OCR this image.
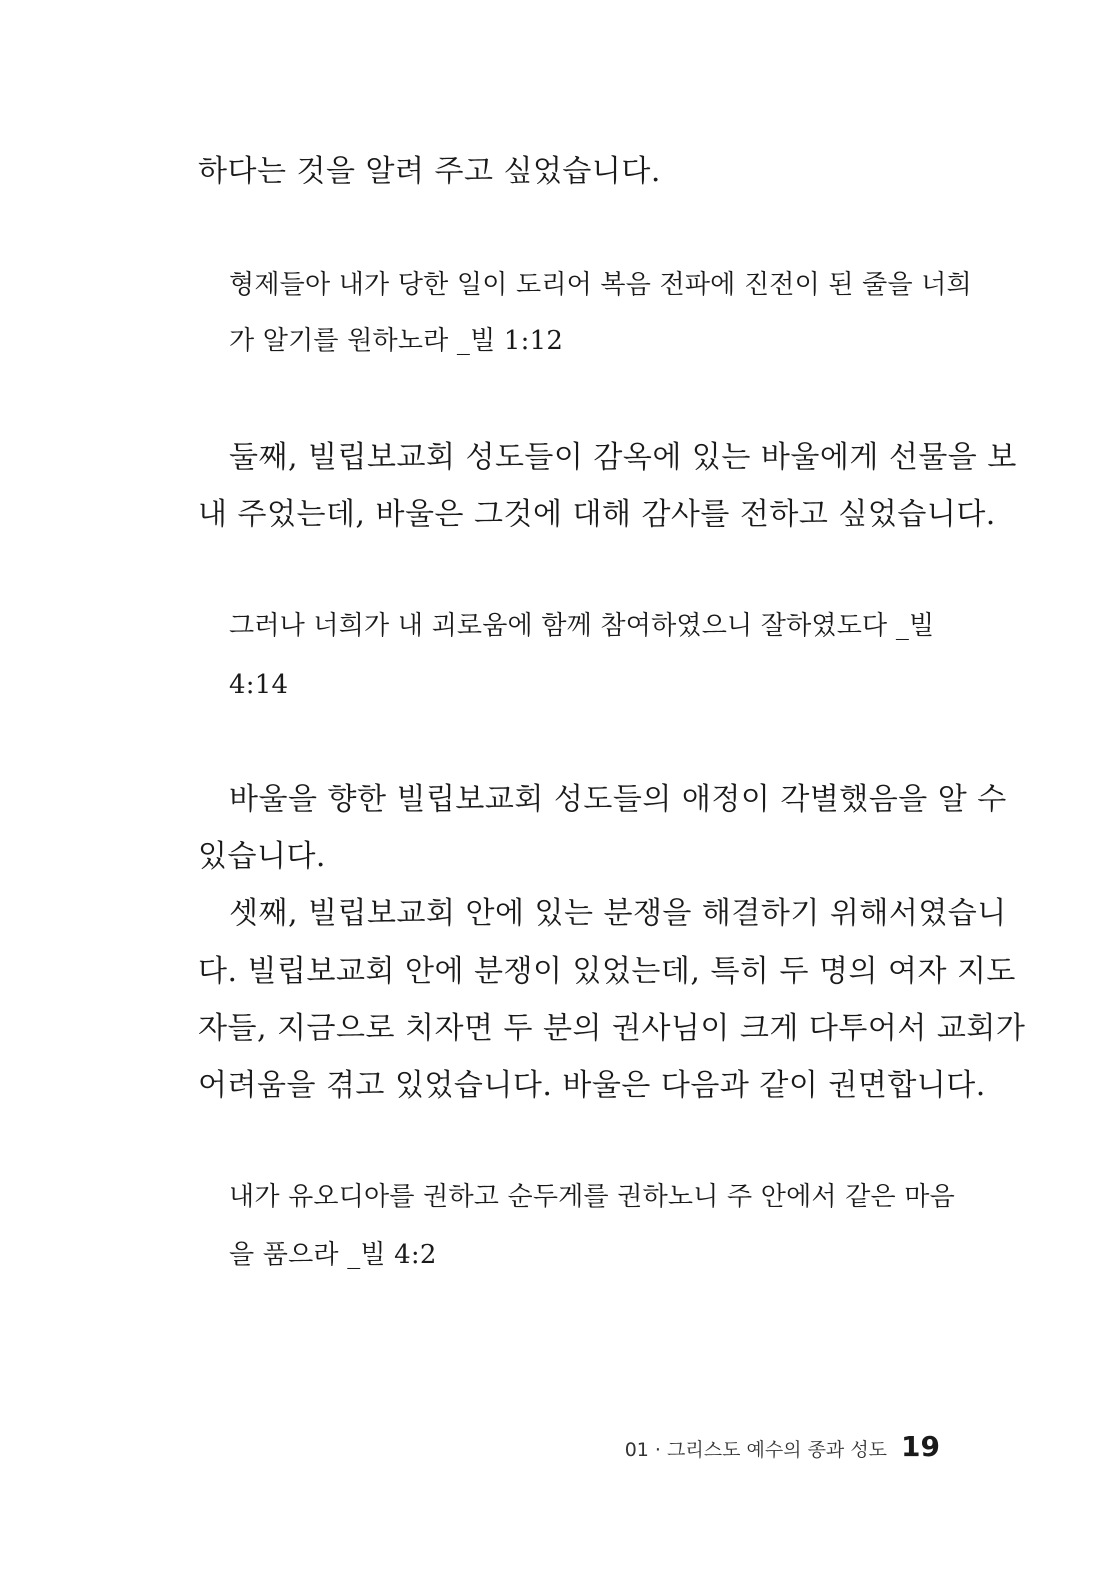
하다는 것을 알려 주고 싶었습니다.

형제들아 내가 당한 일이 도리어 복음 전파에 진전이 된 줄을 너희

가 알기를 원하노라 _빌 1:12

둘째, 빌립보교회 성도들이 감옥에 있는 바울에게 선물을 보

내 주었는데, 바울은 그것에 대해 감사를 전하고 싶었습니다.

그러나 너희가 내 괴로움에 함께 참여하였으니 잘하였도다 _빌

4:14

바울을 향한 빌립보교회 성도들의 애정이 각별했음을 알 수

있습니다.

셋째, 빌립보교회 안에 있는 분쟁을 해결하기 위해서였습니

다. 빌립보교회 안에 분쟁이 있었는데, 특히 두 명의 여자 지도

자들, 지금으로 치자면 두 분의 권사님이 크게 다투어서 교회가

어려움을 겪고 있었습니다. 바울은 다음과 같이 권면합니다.

내가 유오디아를 권하고 순두게를 권하노니 주 안에서 같은 마음

을 품으라 _빌 4:2

01 · 그리스도 예수의 종과 성도 19
